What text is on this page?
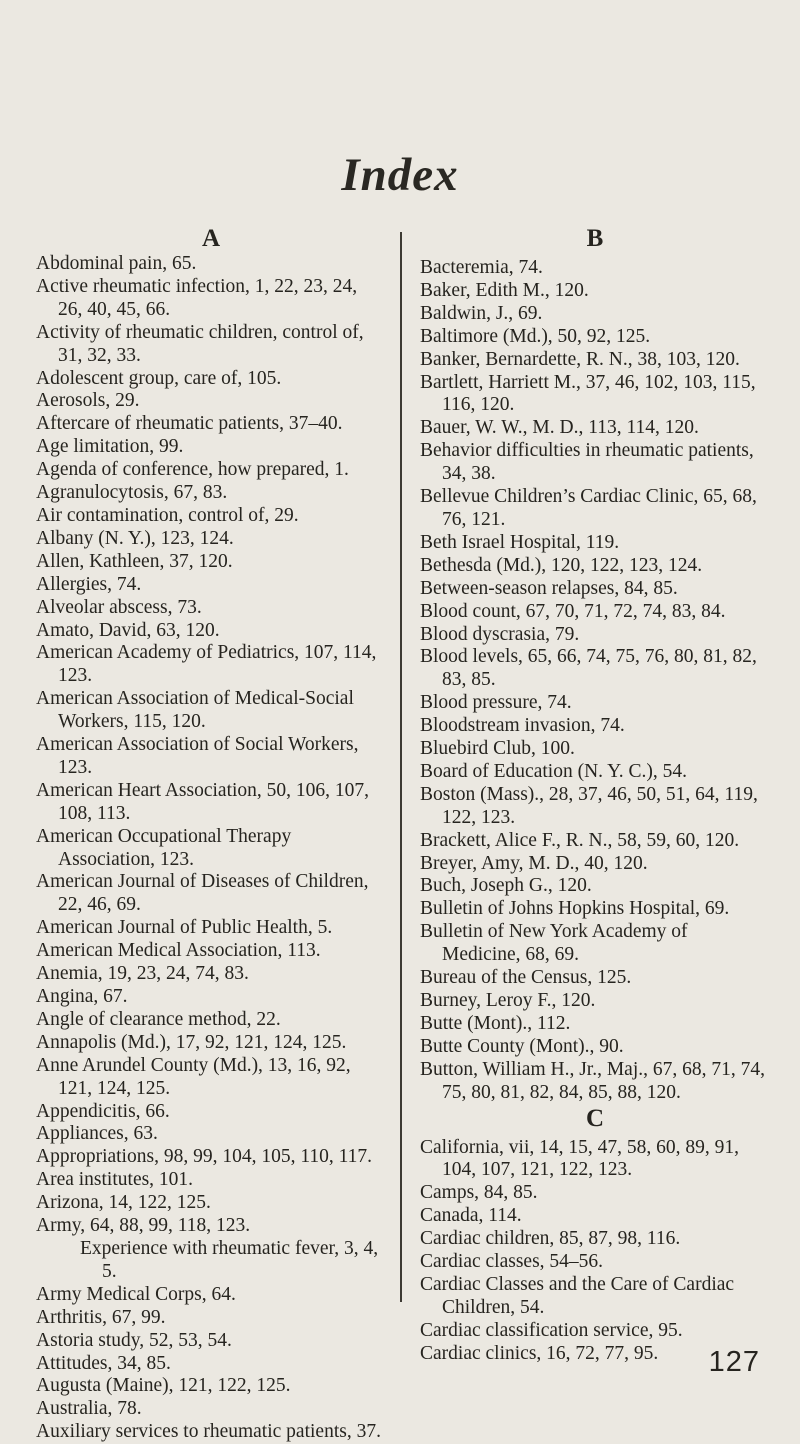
Index
A
Abdominal pain, 65.
Active rheumatic infection, 1, 22, 23, 24, 26, 40, 45, 66.
Activity of rheumatic children, control of, 31, 32, 33.
Adolescent group, care of, 105.
Aerosols, 29.
Aftercare of rheumatic patients, 37–40.
Age limitation, 99.
Agenda of conference, how prepared, 1.
Agranulocytosis, 67, 83.
Air contamination, control of, 29.
Albany (N. Y.), 123, 124.
Allen, Kathleen, 37, 120.
Allergies, 74.
Alveolar abscess, 73.
Amato, David, 63, 120.
American Academy of Pediatrics, 107, 114, 123.
American Association of Medical-Social Workers, 115, 120.
American Association of Social Workers, 123.
American Heart Association, 50, 106, 107, 108, 113.
American Occupational Therapy Association, 123.
American Journal of Diseases of Children, 22, 46, 69.
American Journal of Public Health, 5.
American Medical Association, 113.
Anemia, 19, 23, 24, 74, 83.
Angina, 67.
Angle of clearance method, 22.
Annapolis (Md.), 17, 92, 121, 124, 125.
Anne Arundel County (Md.), 13, 16, 92, 121, 124, 125.
Appendicitis, 66.
Appliances, 63.
Appropriations, 98, 99, 104, 105, 110, 117.
Area institutes, 101.
Arizona, 14, 122, 125.
Army, 64, 88, 99, 118, 123.
Experience with rheumatic fever, 3, 4, 5.
Army Medical Corps, 64.
Arthritis, 67, 99.
Astoria study, 52, 53, 54.
Attitudes, 34, 85.
Augusta (Maine), 121, 122, 125.
Australia, 78.
Auxiliary services to rheumatic patients, 37.
B
Bacteremia, 74.
Baker, Edith M., 120.
Baldwin, J., 69.
Baltimore (Md.), 50, 92, 125.
Banker, Bernardette, R. N., 38, 103, 120.
Bartlett, Harriett M., 37, 46, 102, 103, 115, 116, 120.
Bauer, W. W., M. D., 113, 114, 120.
Behavior difficulties in rheumatic patients, 34, 38.
Bellevue Children’s Cardiac Clinic, 65, 68, 76, 121.
Beth Israel Hospital, 119.
Bethesda (Md.), 120, 122, 123, 124.
Between-season relapses, 84, 85.
Blood count, 67, 70, 71, 72, 74, 83, 84.
Blood dyscrasia, 79.
Blood levels, 65, 66, 74, 75, 76, 80, 81, 82, 83, 85.
Blood pressure, 74.
Bloodstream invasion, 74.
Bluebird Club, 100.
Board of Education (N. Y. C.), 54.
Boston (Mass)., 28, 37, 46, 50, 51, 64, 119, 122, 123.
Brackett, Alice F., R. N., 58, 59, 60, 120.
Breyer, Amy, M. D., 40, 120.
Buch, Joseph G., 120.
Bulletin of Johns Hopkins Hospital, 69.
Bulletin of New York Academy of Medicine, 68, 69.
Bureau of the Census, 125.
Burney, Leroy F., 120.
Butte (Mont)., 112.
Butte County (Mont)., 90.
Button, William H., Jr., Maj., 67, 68, 71, 74, 75, 80, 81, 82, 84, 85, 88, 120.
C
California, vii, 14, 15, 47, 58, 60, 89, 91, 104, 107, 121, 122, 123.
Camps, 84, 85.
Canada, 114.
Cardiac children, 85, 87, 98, 116.
Cardiac classes, 54–56.
Cardiac Classes and the Care of Cardiac Children, 54.
Cardiac classification service, 95.
Cardiac clinics, 16, 72, 77, 95.	127
